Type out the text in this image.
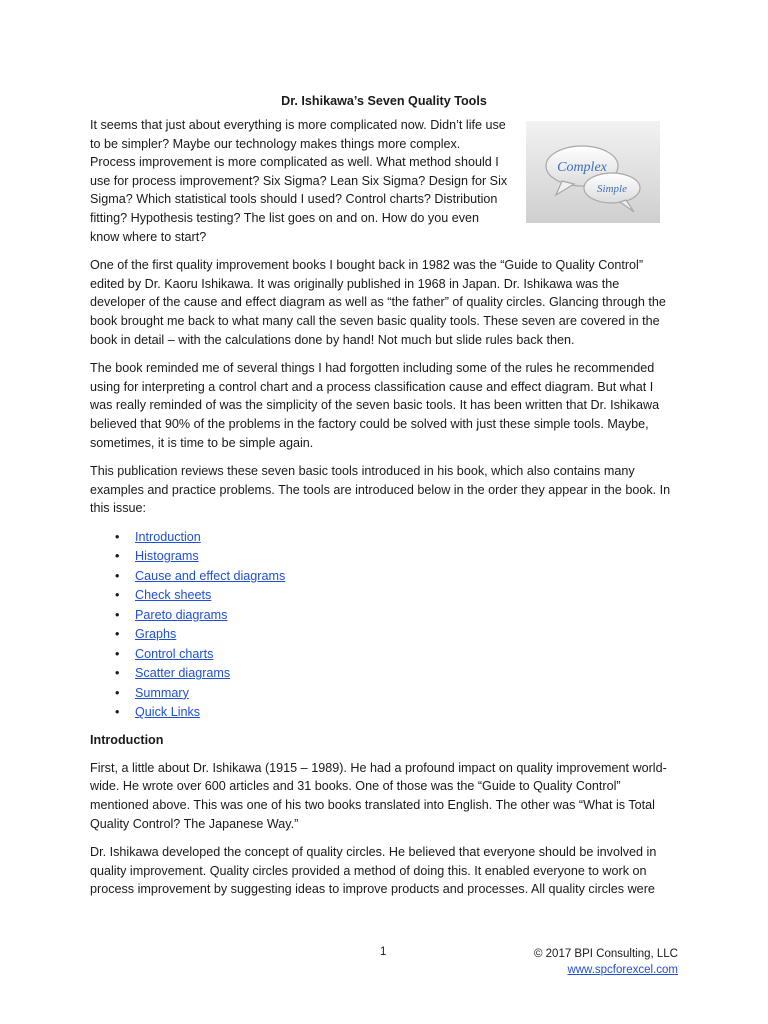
Dr. Ishikawa’s Seven Quality Tools

It seems that just about everything is more complicated now. Didn’t life use to be simpler? Maybe our technology makes things more complex. Process improvement is more complicated as well. What method should I use for process improvement? Six Sigma? Lean Six Sigma? Design for Six Sigma? Which statistical tools should I used? Control charts? Distribution fitting? Hypothesis testing? The list goes on and on. How do you even know where to start?

Complex
Simple

One of the first quality improvement books I bought back in 1982 was the “Guide to Quality Control” edited by Dr. Kaoru Ishikawa. It was originally published in 1968 in Japan. Dr. Ishikawa was the developer of the cause and effect diagram as well as “the father” of quality circles. Glancing through the book brought me back to what many call the seven basic quality tools. These seven are covered in the book in detail – with the calculations done by hand! Not much but slide rules back then.

The book reminded me of several things I had forgotten including some of the rules he recommended using for interpreting a control chart and a process classification cause and effect diagram. But what I was really reminded of was the simplicity of the seven basic tools. It has been written that Dr. Ishikawa believed that 90% of the problems in the factory could be solved with just these simple tools. Maybe, sometimes, it is time to be simple again.

This publication reviews these seven basic tools introduced in his book, which also contains many examples and practice problems. The tools are introduced below in the order they appear in the book. In this issue:

• Introduction
• Histograms
• Cause and effect diagrams
• Check sheets
• Pareto diagrams
• Graphs
• Control charts
• Scatter diagrams
• Summary
• Quick Links
Introduction

First, a little about Dr. Ishikawa (1915 – 1989). He had a profound impact on quality improvement world-wide. He wrote over 600 articles and 31 books. One of those was the “Guide to Quality Control” mentioned above. This was one of his two books translated into English. The other was “What is Total Quality Control? The Japanese Way.”

Dr. Ishikawa developed the concept of quality circles. He believed that everyone should be involved in quality improvement. Quality circles provided a method of doing this. It enabled everyone to work on process improvement by suggesting ideas to improve products and processes. All quality circles were

1	© 2017 BPI Consulting, LLC
www.spcforexcel.com
